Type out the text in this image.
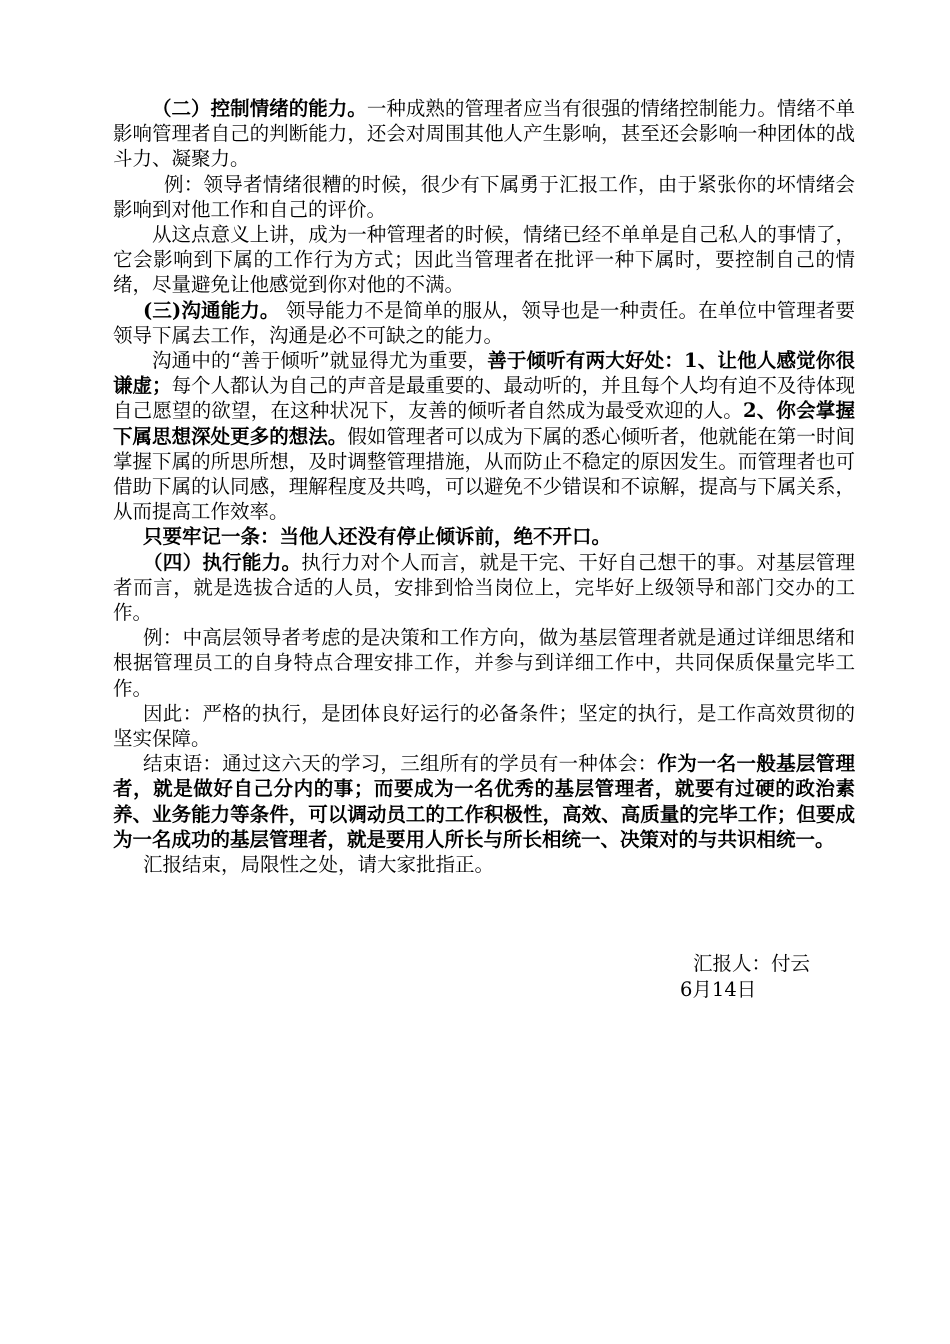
（二）控制情绪的能力。一种成熟的管理者应当有很强的情绪控制能力。情绪不单影响管理者自己的判断能力，还会对周围其他人产生影响，甚至还会影响一种团体的战斗力、凝聚力。

例：领导者情绪很糟的时候，很少有下属勇于汇报工作，由于紧张你的坏情绪会影响到对他工作和自己的评价。

从这点意义上讲，成为一种管理者的时候，情绪已经不单单是自己私人的事情了，它会影响到下属的工作行为方式；因此当管理者在批评一种下属时，要控制自己的情绪，尽量避免让他感觉到你对他的不满。

(三)沟通能力。 领导能力不是简单的服从，领导也是一种责任。在单位中管理者要领导下属去工作，沟通是必不可缺之的能力。

沟通中的“善于倾听”就显得尤为重要，善于倾听有两大好处：1、让他人感觉你很谦虚；每个人都认为自己的声音是最重要的、最动听的，并且每个人均有迫不及待体现自己愿望的欲望，在这种状况下，友善的倾听者自然成为最受欢迎的人。2、你会掌握下属思想深处更多的想法。假如管理者可以成为下属的悉心倾听者，他就能在第一时间掌握下属的所思所想，及时调整管理措施，从而防止不稳定的原因发生。而管理者也可借助下属的认同感，理解程度及共鸣，可以避免不少错误和不谅解，提高与下属关系，从而提高工作效率。

只要牢记一条：当他人还没有停止倾诉前，绝不开口。

（四）执行能力。执行力对个人而言，就是干完、干好自己想干的事。对基层管理者而言，就是选拔合适的人员，安排到恰当岗位上，完毕好上级领导和部门交办的工作。

例：中高层领导者考虑的是决策和工作方向，做为基层管理者就是通过详细思绪和根据管理员工的自身特点合理安排工作，并参与到详细工作中，共同保质保量完毕工作。

因此：严格的执行，是团体良好运行的必备条件；坚定的执行，是工作高效贯彻的坚实保障。

结束语：通过这六天的学习，三组所有的学员有一种体会：作为一名一般基层管理者，就是做好自己分内的事；而要成为一名优秀的基层管理者，就要有过硬的政治素养、业务能力等条件，可以调动员工的工作积极性，高效、高质量的完毕工作；但要成为一名成功的基层管理者，就是要用人所长与所长相统一、决策对的与共识相统一。

汇报结束，局限性之处，请大家批指正。

汇报人：付云
6月14日
